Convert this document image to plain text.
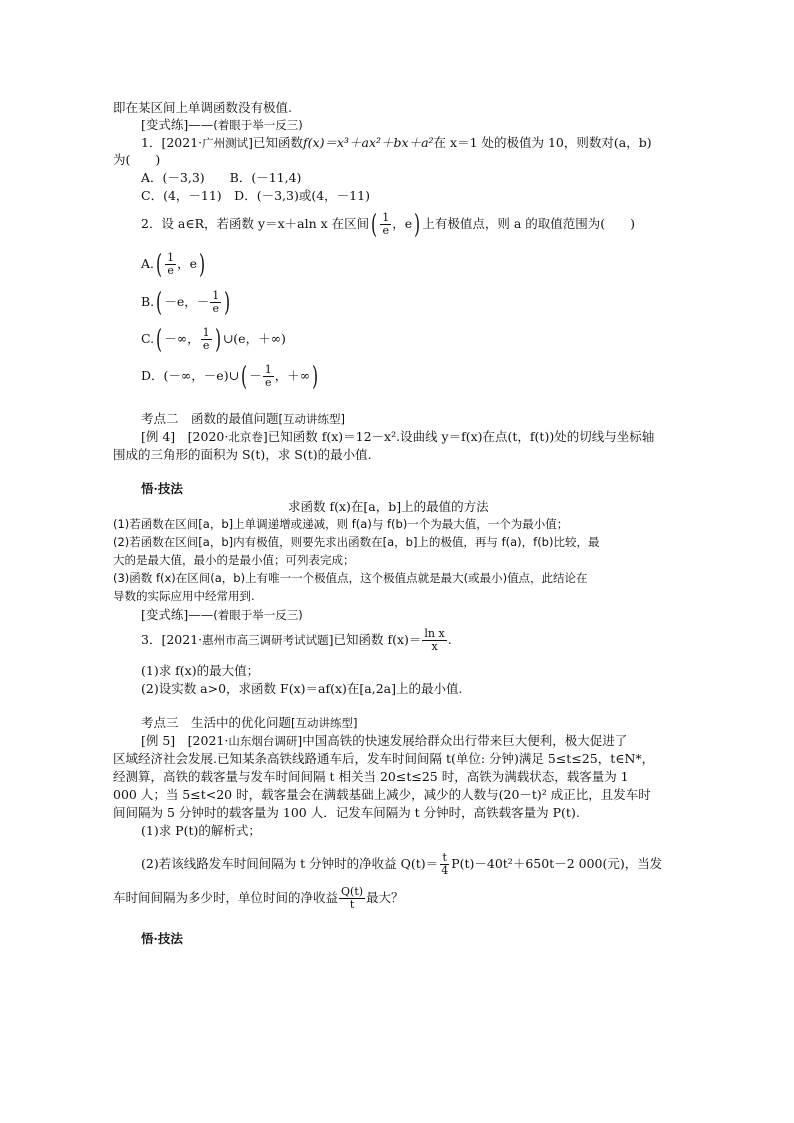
即在某区间上单调函数没有极值.
[变式练]——(着眼于举一反三)
1．[2021·广州测试]已知函数f(x)＝x³＋ax²＋bx＋a²在 x＝1 处的极值为 10，则数对(a，b)
为(　　)
A．(－3,3)　　B．(－11,4)
C．(4，－11)　D．(－3,3)或(4，－11)
2．设 a∈R，若函数 y＝x＋aln x 在区间( $\frac{1}{e}$ ，e) 上有极值点，则 a 的取值范围为(　　)
$A.( \frac{1}{e}$ ，e)
B.( －e，－ $\frac{1}{e}$ )
C.( －∞， $\frac{1}{e}$ ) ∪(e，＋∞)
D．(－∞，－e)∪( － $\frac{1}{e}$ ，＋∞)
考点二　函数的最值问题[互动讲练型]
[例 4]　[2020·北京卷]已知函数 f(x)＝12－x².设曲线 y＝f(x)在点(t，f(t))处的切线与坐标轴
围成的三角形的面积为 S(t)，求 S(t)的最小值.
悟·技法
求函数 f(x)在[a，b]上的最值的方法
(1)若函数在区间[a，b]上单调递增或递减，则 f(a)与 f(b)一个为最大值，一个为最小值；
(2)若函数在区间[a，b]内有极值，则要先求出函数在[a，b]上的极值，再与 f(a)，f(b)比较，最
大的是最大值，最小的是最小值；可列表完成；
(3)函数 f(x)在区间(a，b)上有唯一一个极值点，这个极值点就是最大(或最小)值点，此结论在
导数的实际应用中经常用到.
[变式练]——(着眼于举一反三)
3．[2021·惠州市高三调研考试试题]已知函数 $f(x)= \frac{\text{ln x}}{x}$ .
(1)求 f(x)的最大值；
(2)设实数 a>0，求函数 F(x)＝af(x)在[a,2a]上的最小值.
考点三　生活中的优化问题[互动讲练型]
[例 5]　[2021·山东烟台调研]中国高铁的快速发展给群众出行带来巨大便利，极大促进了
区域经济社会发展.已知某条高铁线路通车后，发车时间间隔 t(单位: 分钟)满足 5≤t≤25，t∈N*，
经测算，高铁的载客量与发车时间间隔 t 相关当 20≤t≤25 时，高铁为满载状态，载客量为 1
000 人；当 5≤t<20 时，载客量会在满载基础上减少，减少的人数与(20－t)² 成正比，且发车时
间间隔为 5 分钟时的载客量为 100 人．记发车间隔为 t 分钟时，高铁载客量为 P(t).
(1)求 P(t)的解析式；
(2)若该线路发车时间间隔为 t 分钟时的净收益 $Q(t)= \frac{t}{4} P(t)-40t^2+650t-2$ 000(元)，当发
车时间间隔为多少时，单位时间的净收益 $\frac{Q(t)}{t}$ 最大？
悟·技法
